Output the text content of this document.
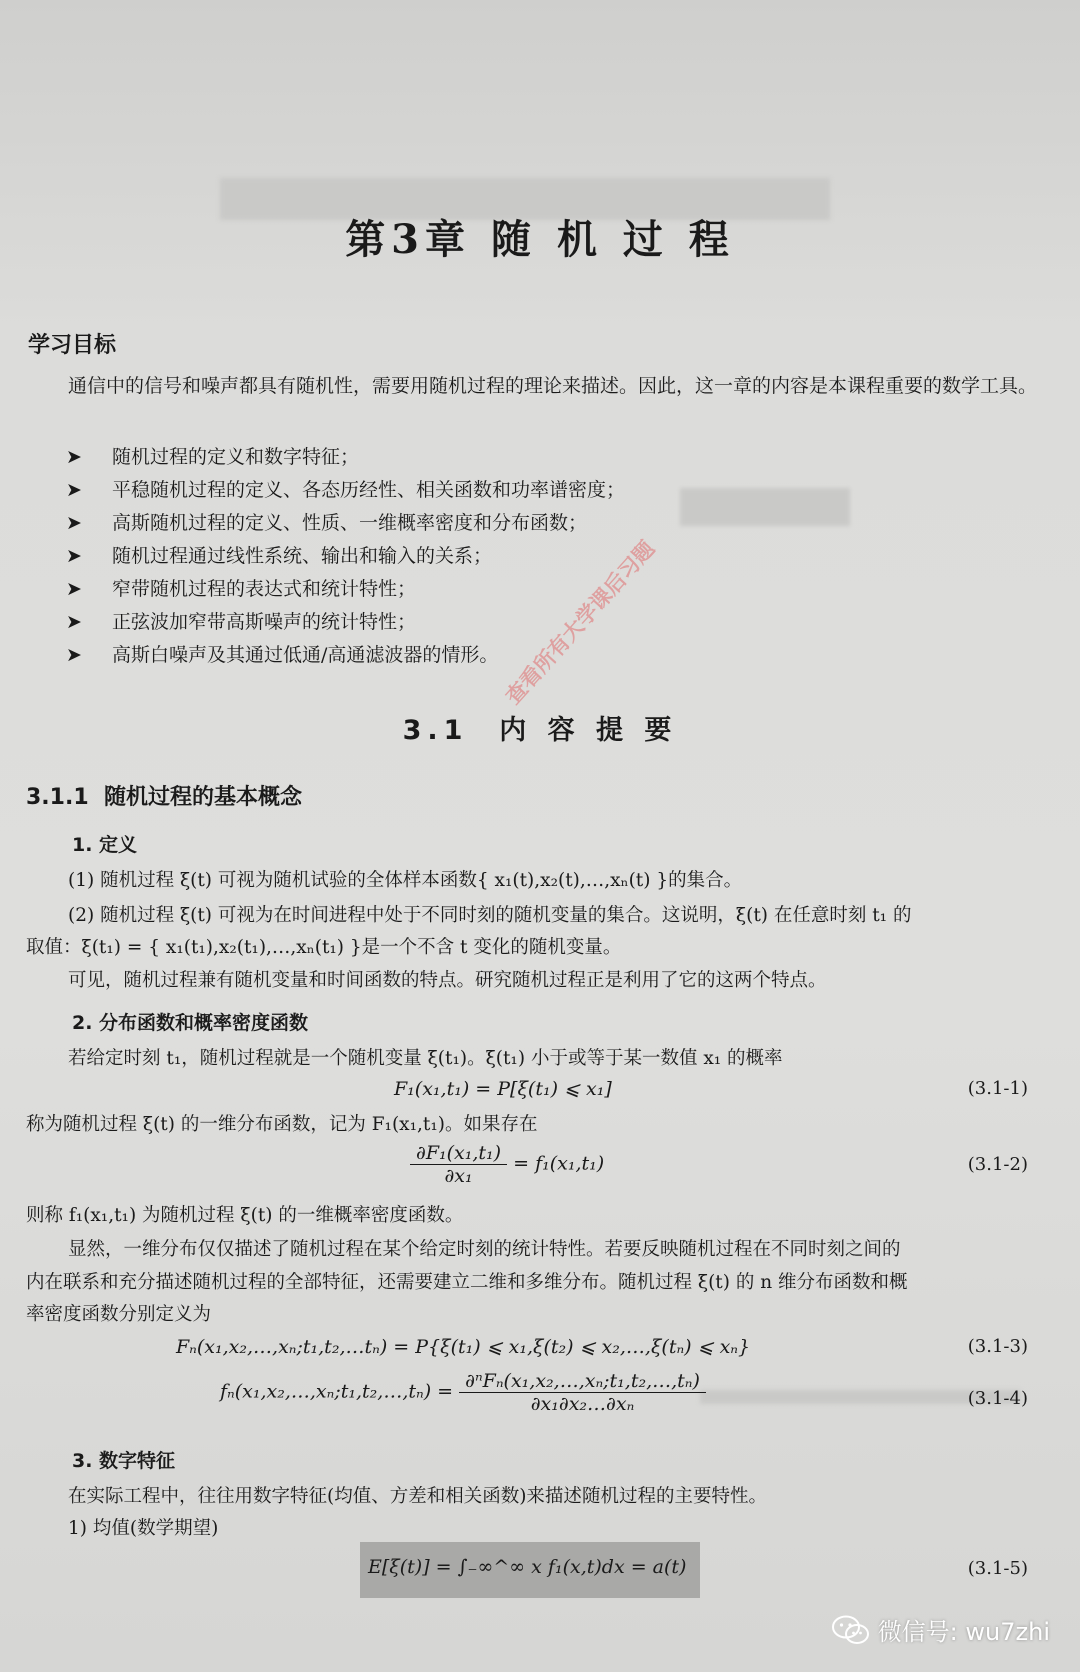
第3章 随 机 过 程
学习目标
通信中的信号和噪声都具有随机性，需要用随机过程的理论来描述。因此，这一章的内容是本课程重要的数学工具。
➤ 随机过程的定义和数字特征；
➤ 平稳随机过程的定义、各态历经性、相关函数和功率谱密度；
➤ 高斯随机过程的定义、性质、一维概率密度和分布函数；
➤ 随机过程通过线性系统、输出和输入的关系；
➤ 窄带随机过程的表达式和统计特性；
➤ 正弦波加窄带高斯噪声的统计特性；
➤ 高斯白噪声及其通过低通/高通滤波器的情形。
3.1 内 容 提 要
3.1.1 随机过程的基本概念
1. 定义
(1) 随机过程 ξ(t) 可视为随机试验的全体样本函数{ x₁(t),x₂(t),…,xₙ(t) }的集合。
(2) 随机过程 ξ(t) 可视为在时间进程中处于不同时刻的随机变量的集合。这说明，ξ(t) 在任意时刻 t₁ 的
取值：ξ(t₁) = { x₁(t₁),x₂(t₁),…,xₙ(t₁) }是一个不含 t 变化的随机变量。
可见，随机过程兼有随机变量和时间函数的特点。研究随机过程正是利用了它的这两个特点。
2. 分布函数和概率密度函数
若给定时刻 t₁，随机过程就是一个随机变量 ξ(t₁)。ξ(t₁) 小于或等于某一数值 x₁ 的概率
F₁(x₁,t₁) = P[ξ(t₁) ⩽ x₁]	(3.1-1)
称为随机过程 ξ(t) 的一维分布函数，记为 F₁(x₁,t₁)。如果存在
$\frac{\text{∂F₁(x₁,t₁)}}{\text{∂x₁}} = f_1(x_1,t_1)$	(3.1-2)
则称 f₁(x₁,t₁) 为随机过程 ξ(t) 的一维概率密度函数。
显然，一维分布仅仅描述了随机过程在某个给定时刻的统计特性。若要反映随机过程在不同时刻之间的
内在联系和充分描述随机过程的全部特征，还需要建立二维和多维分布。随机过程 ξ(t) 的 n 维分布函数和概
率密度函数分别定义为
Fₙ(x₁,x₂,…,xₙ;t₁,t₂,…tₙ) = P{ξ(t₁) ⩽ x₁,ξ(t₂) ⩽ x₂,…,ξ(tₙ) ⩽ xₙ}	(3.1-3)
fₙ(x₁,x₂,…,xₙ;t₁,t₂,…,tₙ) = $\frac{\text{∂ⁿFₙ(x₁,x₂,…,xₙ;t₁,t₂,…,tₙ)}}{\text{∂x₁∂x₂…∂xₙ}}$	(3.1-4)
3. 数字特征
在实际工程中，往往用数字特征(均值、方差和相关函数)来描述随机过程的主要特性。
1) 均值(数学期望)
E[ξ(t)] = ∫₋∞^∞ x f₁(x,t)dx = a(t)	(3.1-5)
查看所有大学课后习题
微信号: wu7zhi
